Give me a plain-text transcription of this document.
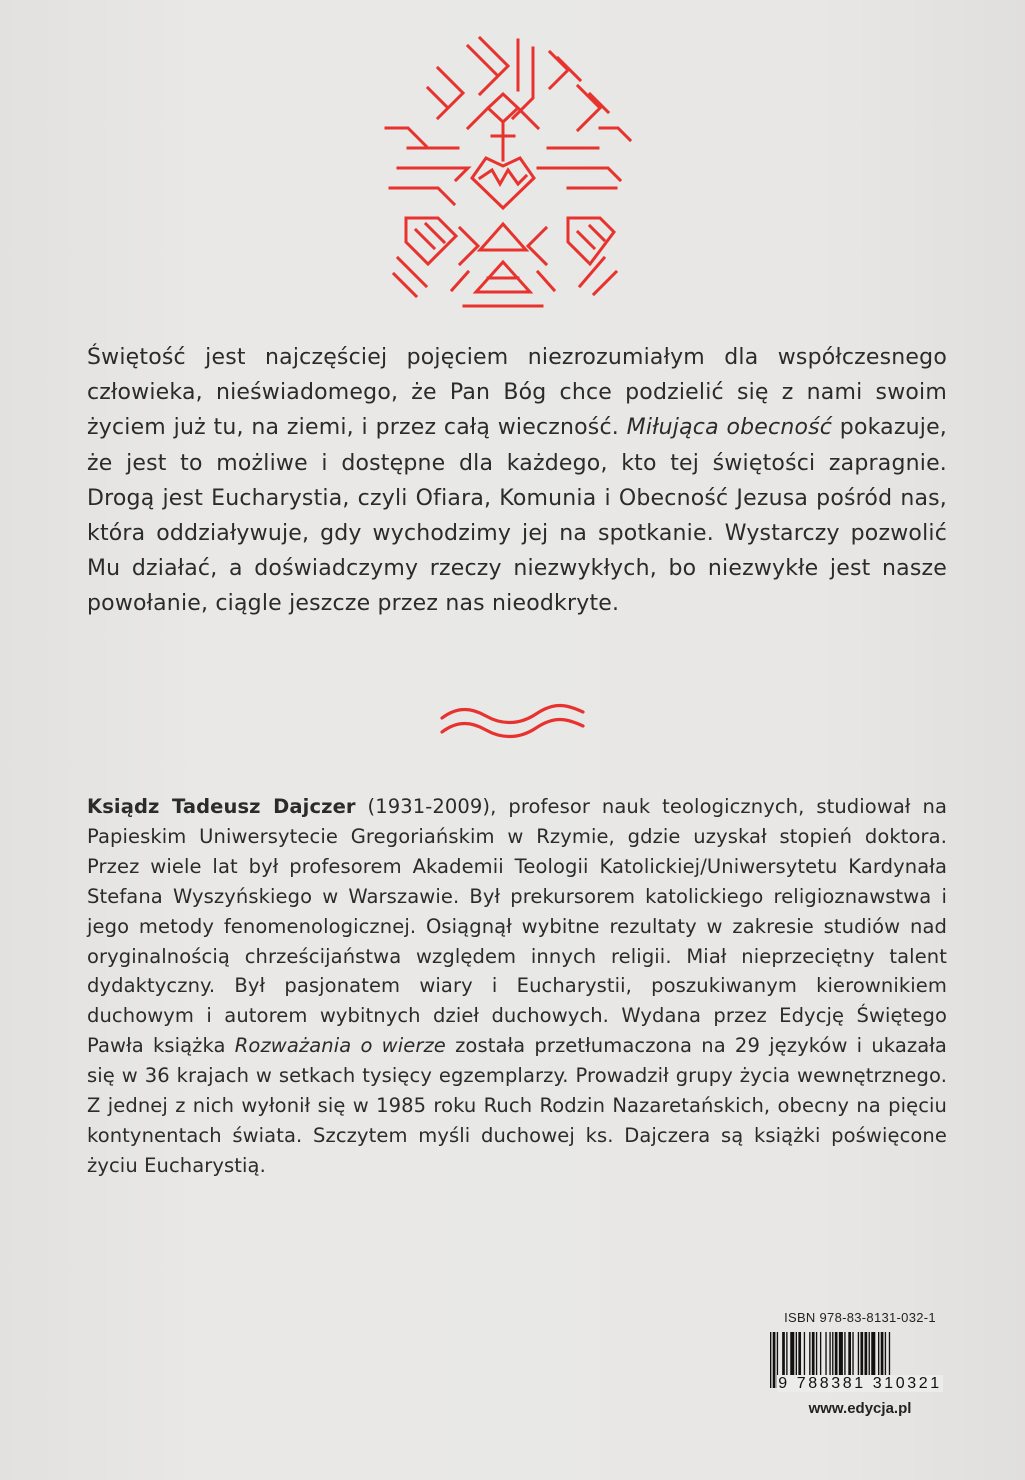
Świętość jest najczęściej pojęciem niezrozumiałym dla współczesnego człowieka, nieświadomego, że Pan Bóg chce podzielić się z nami swoim życiem już tu, na ziemi, i przez całą wieczność. Miłująca obecność pokazuje, że jest to możliwe i dostępne dla każdego, kto tej świętości zapragnie. Drogą jest Eucharystia, czyli Ofiara, Komunia i Obecność Jezusa pośród nas, która oddziaływuje, gdy wychodzimy jej na spotkanie. Wystarczy pozwolić Mu działać, a doświadczymy rzeczy niezwykłych, bo niezwykłe jest nasze powołanie, ciągle jeszcze przez nas nieodkryte.

Ksiądz Tadeusz Dajczer (1931-2009), profesor nauk teologicznych, studiował na Papieskim Uniwersytecie Gregoriańskim w Rzymie, gdzie uzyskał stopień doktora. Przez wiele lat był profesorem Akademii Teologii Katolickiej/Uniwersytetu Kardynała Stefana Wyszyńskiego w Warszawie. Był prekursorem katolickiego religioznawstwa i jego metody fenomenologicznej. Osiągnął wybitne rezultaty w zakresie studiów nad oryginalnością chrześcijaństwa względem innych religii. Miał nieprzeciętny talent dydaktyczny. Był pasjonatem wiary i Eucharystii, poszukiwanym kierownikiem duchowym i autorem wybitnych dzieł duchowych. Wydana przez Edycję Świętego Pawła książka Rozważania o wierze została przetłumaczona na 29 języków i ukazała się w 36 krajach w setkach tysięcy egzemplarzy. Prowadził grupy życia wewnętrznego. Z jednej z nich wyłonił się w 1985 roku Ruch Rodzin Nazaretańskich, obecny na pięciu kontynentach świata. Szczytem myśli duchowej ks. Dajczera są książki poświęcone życiu Eucharystią.

ISBN 978-83-8131-032-1
9 788381 310321
www.edycja.pl
